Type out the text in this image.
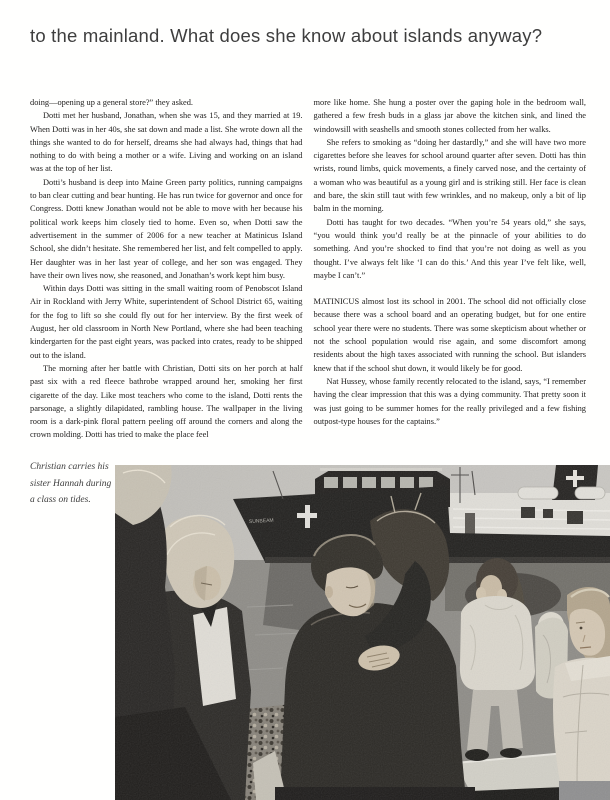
to the mainland. What does she know about islands anyway?

doing—opening up a general store?” they asked.

Dotti met her husband, Jonathan, when she was 15, and they married at 19. When Dotti was in her 40s, she sat down and made a list. She wrote down all the things she wanted to do for herself, dreams she had always had, things that had nothing to do with being a mother or a wife. Living and working on an island was at the top of her list.

Dotti’s husband is deep into Maine Green party politics, running campaigns to ban clear cutting and bear hunting. He has run twice for governor and once for Congress. Dotti knew Jonathan would not be able to move with her because his political work keeps him closely tied to home. Even so, when Dotti saw the advertisement in the summer of 2006 for a new teacher at Matinicus Island School, she didn’t hesitate. She remembered her list, and felt compelled to apply. Her daughter was in her last year of college, and her son was engaged. They have their own lives now, she reasoned, and Jonathan’s work kept him busy.

Within days Dotti was sitting in the small waiting room of Penobscot Island Air in Rockland with Jerry White, superintendent of School District 65, waiting for the fog to lift so she could fly out for her interview. By the first week of August, her old classroom in North New Portland, where she had been teaching kindergarten for the past eight years, was packed into crates, ready to be shipped out to the island.

The morning after her battle with Christian, Dotti sits on her porch at half past six with a red fleece bathrobe wrapped around her, smoking her first cigarette of the day. Like most teachers who come to the island, Dotti rents the parsonage, a slightly dilapidated, rambling house. The wallpaper in the living room is a dark-pink floral pattern peeling off around the corners and along the crown molding. Dotti has tried to make the place feel

more like home. She hung a poster over the gaping hole in the bedroom wall, gathered a few fresh buds in a glass jar above the kitchen sink, and lined the windowsill with seashells and smooth stones collected from her walks.

She refers to smoking as “doing her dastardly,” and she will have two more cigarettes before she leaves for school around quarter after seven. Dotti has thin wrists, round limbs, quick movements, a finely carved nose, and the certainty of a woman who was beautiful as a young girl and is striking still. Her face is clean and bare, the skin still taut with few wrinkles, and no makeup, only a bit of lip balm in the morning.

Dotti has taught for two decades. “When you’re 54 years old,” she says, “you would think you’d really be at the pinnacle of your abilities to do something. And you’re shocked to find that you’re not doing as well as you thought. I’ve always felt like ‘I can do this.’ And this year I’ve felt like, well, maybe I can’t.”

MATINICUS almost lost its school in 2001. The school did not officially close because there was a school board and an operating budget, but for one entire school year there were no students. There was some skepticism about whether or not the school population would rise again, and some discomfort among residents about the high taxes associated with running the school. But islanders knew that if the school shut down, it would likely be for good.

Nat Hussey, whose family recently relocated to the island, says, “I remember having the clear impression that this was a dying community. That pretty soon it was just going to be summer homes for the really privileged and a few fishing outpost-type houses for the captains.”

Christian carries his
sister Hannah during
a class on tides.
SUNBEAM
